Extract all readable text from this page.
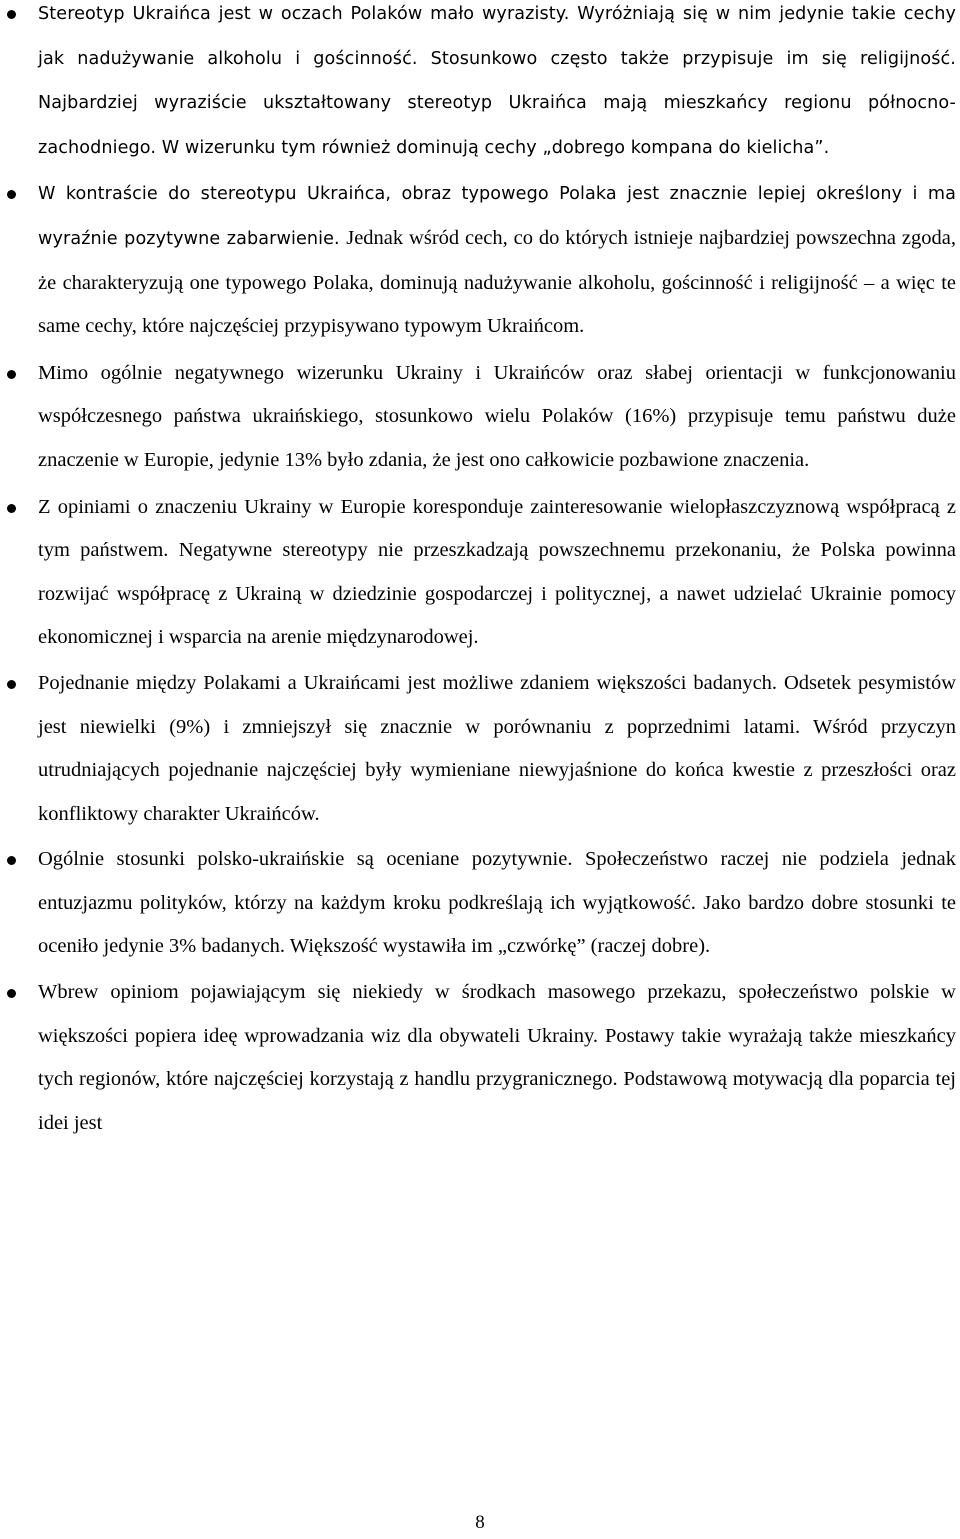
Stereotyp Ukraińca jest w oczach Polaków mało wyrazisty. Wyróżniają się w nim jedynie takie cechy jak nadużywanie alkoholu i gościnność. Stosunkowo często także przypisuje im się religijność. Najbardziej wyraziście ukształtowany stereotyp Ukraińca mają mieszkańcy regionu północno-zachodniego. W wizerunku tym również dominują cechy „dobrego kompana do kielicha”.

W kontraście do stereotypu Ukraińca, obraz typowego Polaka jest znacznie lepiej określony i ma wyraźnie pozytywne zabarwienie. Jednak wśród cech, co do których istnieje najbardziej powszechna zgoda, że charakteryzują one typowego Polaka, dominują nadużywanie alkoholu, gościnność i religijność – a więc te same cechy, które najczęściej przypisywano typowym Ukraińcom.

Mimo ogólnie negatywnego wizerunku Ukrainy i Ukraińców oraz słabej orientacji w funkcjonowaniu współczesnego państwa ukraińskiego, stosunkowo wielu Polaków (16%) przypisuje temu państwu duże znaczenie w Europie, jedynie 13% było zdania, że jest ono całkowicie pozbawione znaczenia.

Z opiniami o znaczeniu Ukrainy w Europie koresponduje zainteresowanie wielopłaszczyznową współpracą z tym państwem. Negatywne stereotypy nie przeszkadzają powszechnemu przekonaniu, że Polska powinna rozwijać współpracę z Ukrainą w dziedzinie gospodarczej i politycznej, a nawet udzielać Ukrainie pomocy ekonomicznej i wsparcia na arenie międzynarodowej.

Pojednanie między Polakami a Ukraińcami jest możliwe zdaniem większości badanych. Odsetek pesymistów jest niewielki (9%) i zmniejszył się znacznie w porównaniu z poprzednimi latami. Wśród przyczyn utrudniających pojednanie najczęściej były wymieniane niewyjaśnione do końca kwestie z przeszłości oraz konfliktowy charakter Ukraińców.

Ogólnie stosunki polsko-ukraińskie są oceniane pozytywnie. Społeczeństwo raczej nie podziela jednak entuzjazmu polityków, którzy na każdym kroku podkreślają ich wyjątkowość. Jako bardzo dobre stosunki te oceniło jedynie 3% badanych. Większość wystawiła im „czwórkę” (raczej dobre).

Wbrew opiniom pojawiającym się niekiedy w środkach masowego przekazu, społeczeństwo polskie w większości popiera ideę wprowadzania wiz dla obywateli Ukrainy. Postawy takie wyrażają także mieszkańcy tych regionów, które najczęściej korzystają z handlu przygranicznego. Podstawową motywacją dla poparcia tej idei jest

8
